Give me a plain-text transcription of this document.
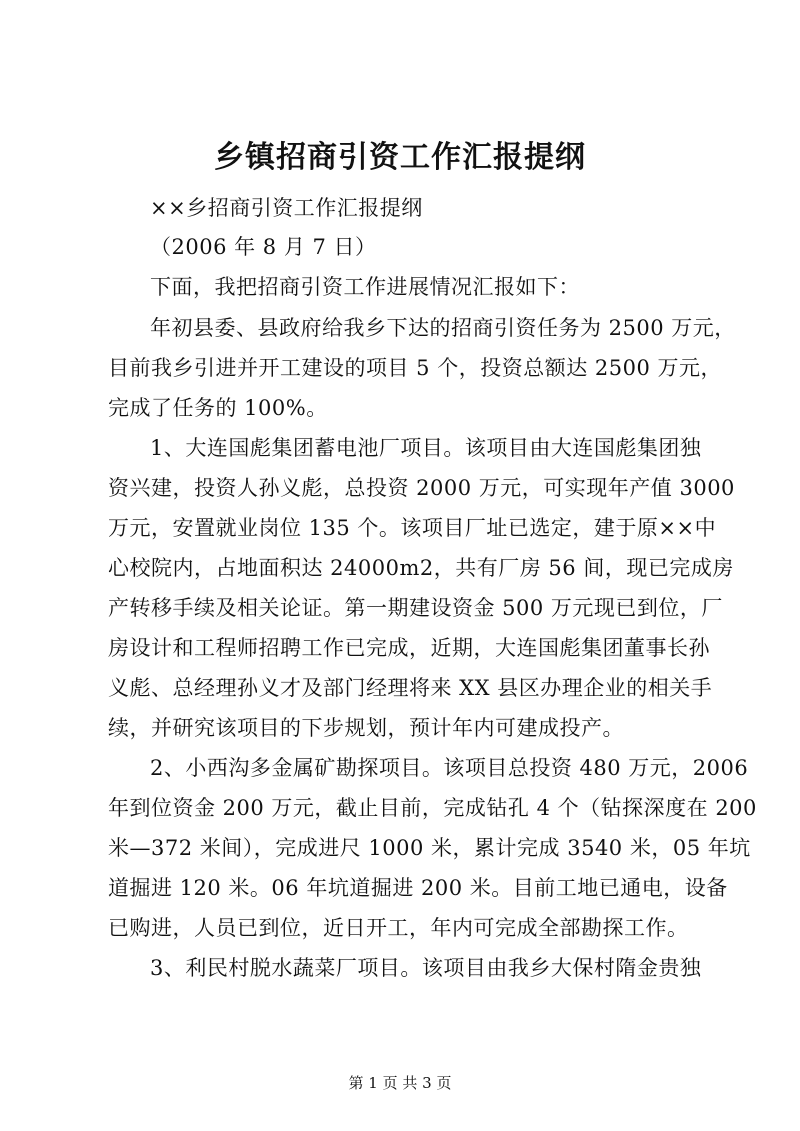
乡镇招商引资工作汇报提纲
××乡招商引资工作汇报提纲
（2006 年 8 月 7 日）
下面，我把招商引资工作进展情况汇报如下：
年初县委、县政府给我乡下达的招商引资任务为 2500 万元，
目前我乡引进并开工建设的项目 5 个，投资总额达 2500 万元，
完成了任务的 100%。
1、大连国彪集团蓄电池厂项目。该项目由大连国彪集团独
资兴建，投资人孙义彪，总投资 2000 万元，可实现年产值 3000
万元，安置就业岗位 135 个。该项目厂址已选定，建于原××中
心校院内，占地面积达 24000m2，共有厂房 56 间，现已完成房
产转移手续及相关论证。第一期建设资金 500 万元现已到位，厂
房设计和工程师招聘工作已完成，近期，大连国彪集团董事长孙
义彪、总经理孙义才及部门经理将来 XX 县区办理企业的相关手
续，并研究该项目的下步规划，预计年内可建成投产。
2、小西沟多金属矿勘探项目。该项目总投资 480 万元，2006
年到位资金 200 万元，截止目前，完成钻孔 4 个（钻探深度在 200
米—372 米间），完成进尺 1000 米，累计完成 3540 米，05 年坑
道掘进 120 米。06 年坑道掘进 200 米。目前工地已通电，设备
已购进，人员已到位，近日开工，年内可完成全部勘探工作。
3、利民村脱水蔬菜厂项目。该项目由我乡大保村隋金贵独
第 1 页 共 3 页
